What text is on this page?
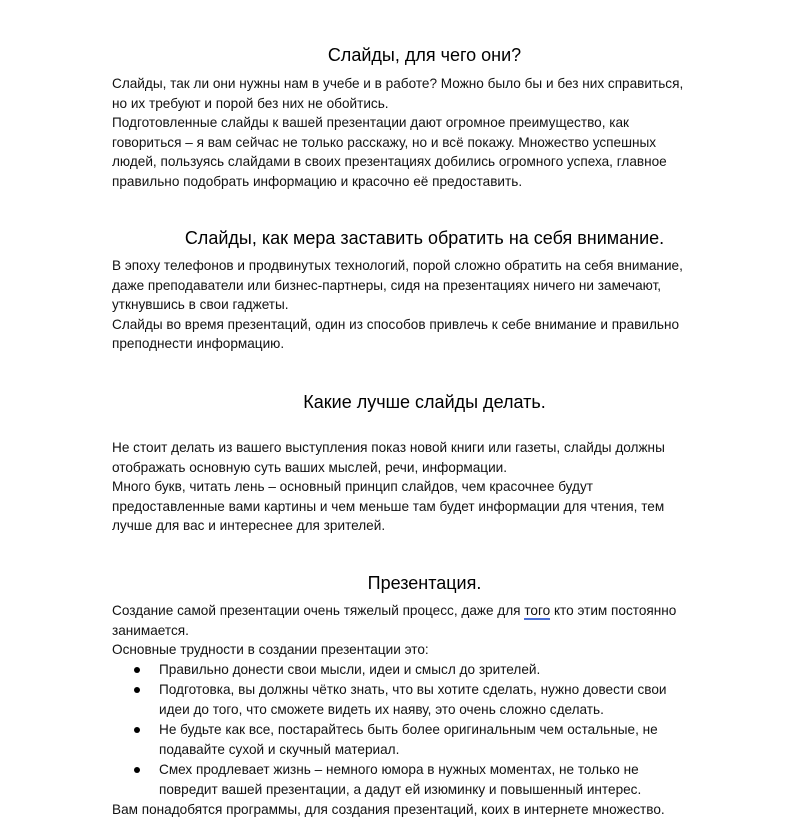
Слайды, для чего они?

Слайды, так ли они нужны нам в учебе и в работе? Можно было бы и без них справиться,

но их требуют и порой без них не обойтись.

Подготовленные слайды к вашей презентации дают огромное преимущество, как

говориться – я вам сейчас не только расскажу, но и всё покажу. Множество успешных

людей, пользуясь слайдами в своих презентациях добились огромного успеха, главное

правильно подобрать информацию и красочно её предоставить.

Слайды, как мера заставить обратить на себя внимание.

В эпоху телефонов и продвинутых технологий, порой сложно обратить на себя внимание,

даже преподаватели или бизнес-партнеры, сидя на презентациях ничего ни замечают,

уткнувшись в свои гаджеты.

Слайды во время презентаций, один из способов привлечь к себе внимание и правильно

преподнести информацию.

Какие лучше слайды делать.

Не стоит делать из вашего выступления показ новой книги или газеты, слайды должны

отображать основную суть ваших мыслей, речи, информации.

Много букв, читать лень – основный принцип слайдов, чем красочнее будут

предоставленные вами картины и чем меньше там будет информации для чтения, тем

лучше для вас и интереснее для зрителей.

Презентация.

Создание самой презентации очень тяжелый процесс, даже для того кто этим постоянно

занимается.

Основные трудности в создании презентации это:

Правильно донести свои мысли, идеи и смысл до зрителей.
Подготовка, вы должны чётко знать, что вы хотите сделать, нужно довести свои
идеи до того, что сможете видеть их наяву, это очень сложно сделать.
Не будьте как все, постарайтесь быть более оригинальным чем остальные, не
подавайте сухой и скучный материал.
Смех продлевает жизнь – немного юмора в нужных моментах, не только не
повредит вашей презентации, а дадут ей изюминку и повышенный интерес.

Вам понадобятся программы, для создания презентаций, коих в интернете множество.
